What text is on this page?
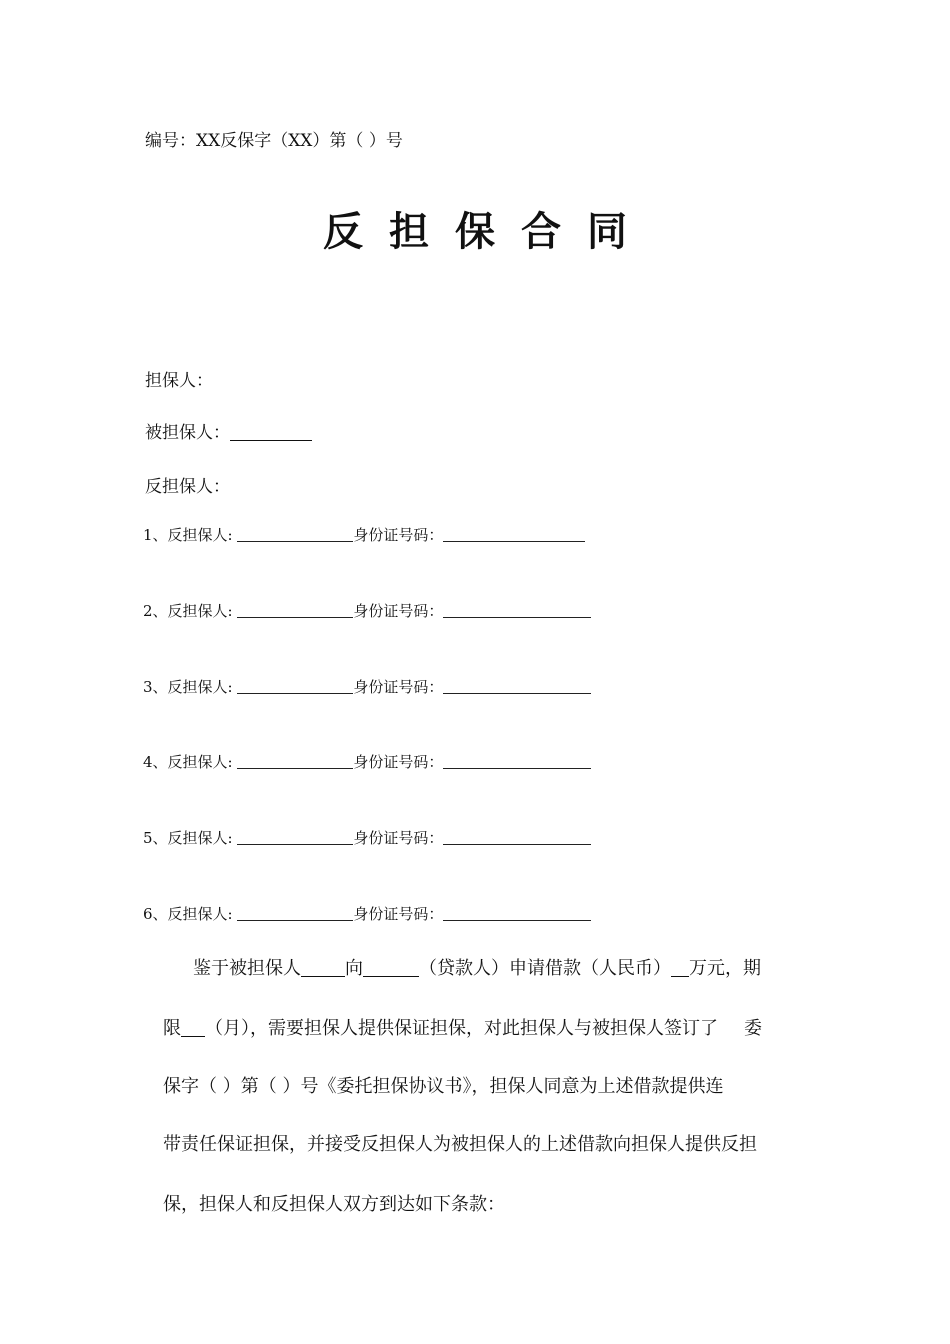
编号：XX反保字（XX）第（ ）号
反担保合同
担保人：
被担保人：
反担保人：
1、反担保人:	身份证号码：
2、反担保人:	身份证号码：
3、反担保人:	身份证号码：
4、反担保人:	身份证号码：
5、反担保人:	身份证号码：
6、反担保人:	身份证号码：
鉴于被担保人 向	（贷款人）申请借款（人民币） 万元，期
限 （月），需要担保人提供保证担保，对此担保人与被担保人签订了 委
保字（ ）第（ ）号《委托担保协议书》，担保人同意为上述借款提供连
带责任保证担保，并接受反担保人为被担保人的上述借款向担保人提供反担
保，担保人和反担保人双方到达如下条款：
